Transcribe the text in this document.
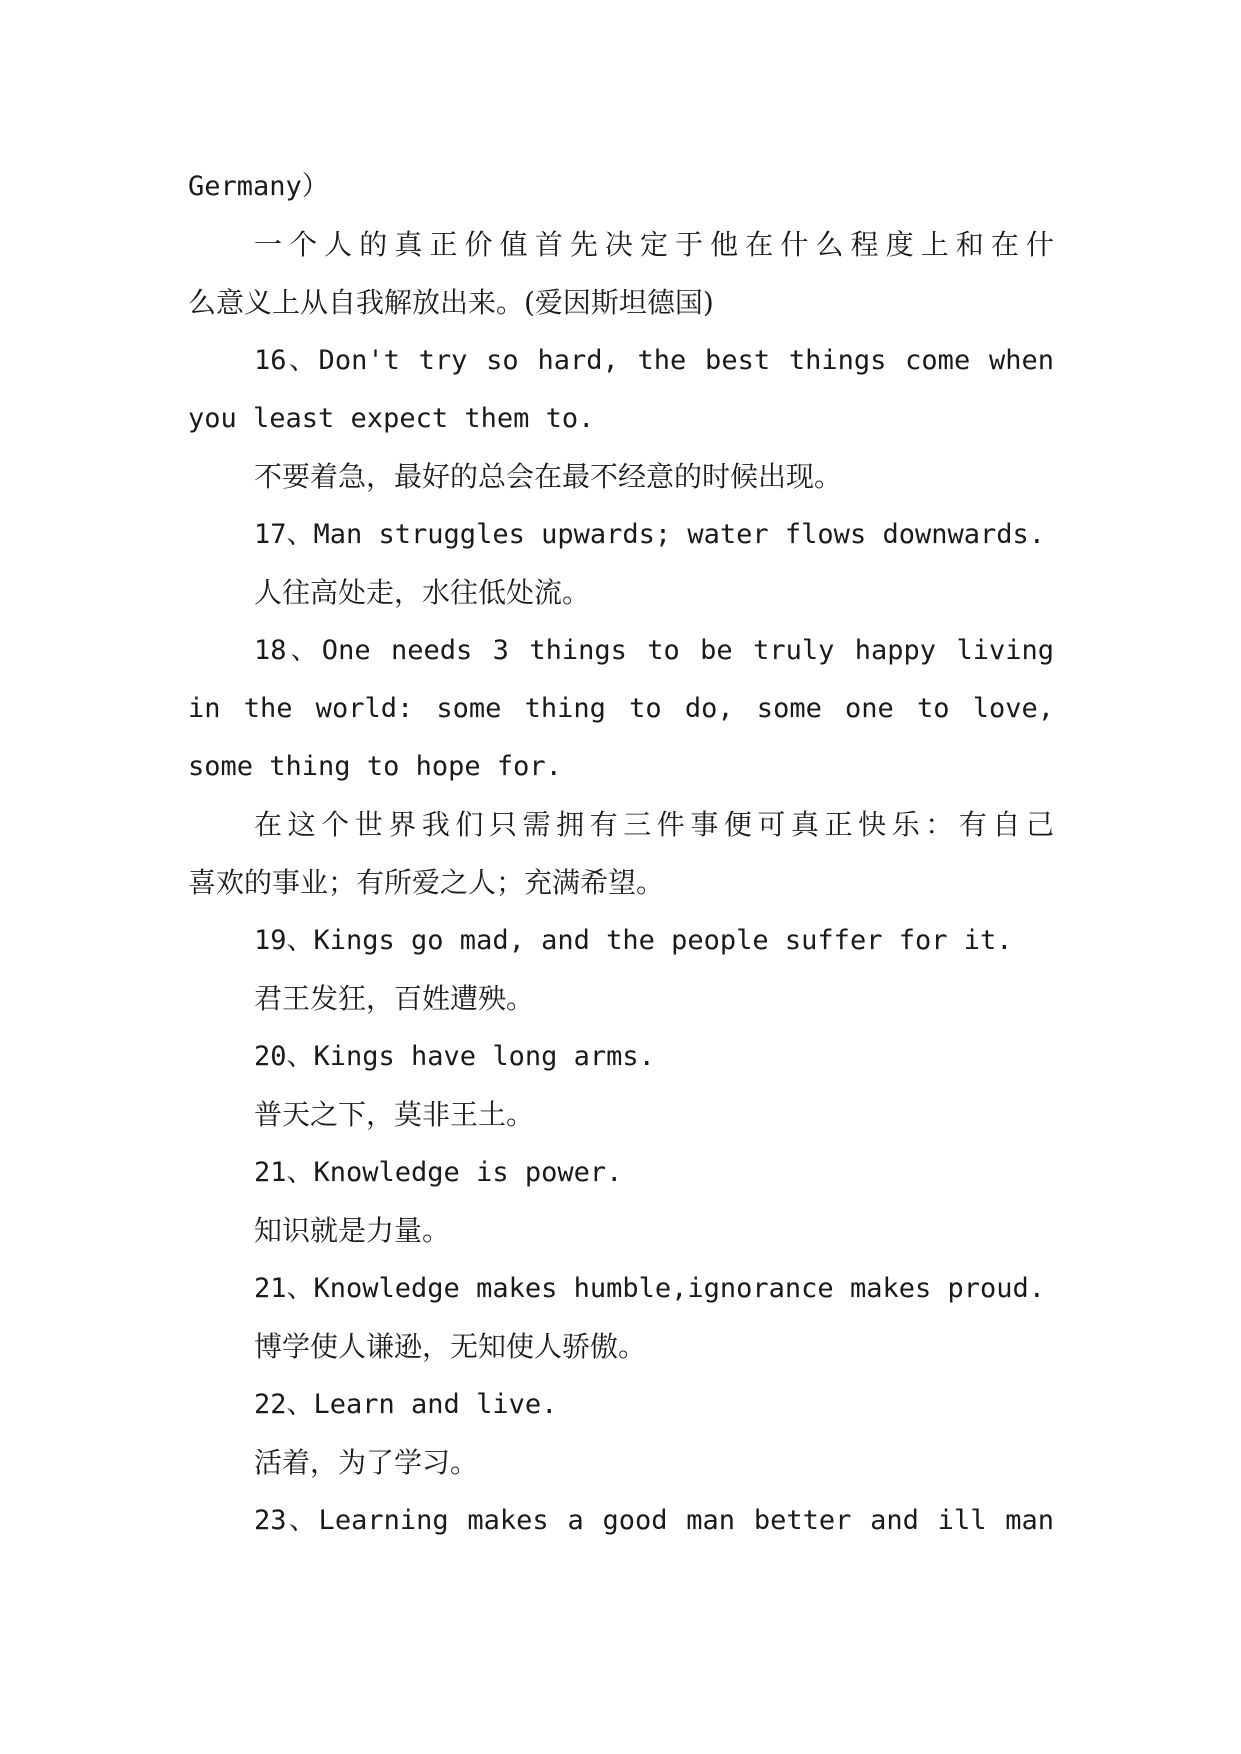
Germany）
一个人的真正价值首先决定于他在什么程度上和在什
么意义上从自我解放出来。(爱因斯坦德国)
16、Don't try so hard, the best things come when
you least expect them to.
不要着急，最好的总会在最不经意的时候出现。
17、Man struggles upwards; water flows downwards.
人往高处走，水往低处流。
18、One needs 3 things to be truly happy living
in the world: some thing to do, some one to love,
some thing to hope for.
在这个世界我们只需拥有三件事便可真正快乐：有自己
喜欢的事业；有所爱之人；充满希望。
19、Kings go mad, and the people suffer for it.
君王发狂，百姓遭殃。
20、Kings have long arms.
普天之下，莫非王土。
21、Knowledge is power.
知识就是力量。
21、Knowledge makes humble,ignorance makes proud.
博学使人谦逊，无知使人骄傲。
22、Learn and live.
活着，为了学习。
23、Learning makes a good man better and ill man
